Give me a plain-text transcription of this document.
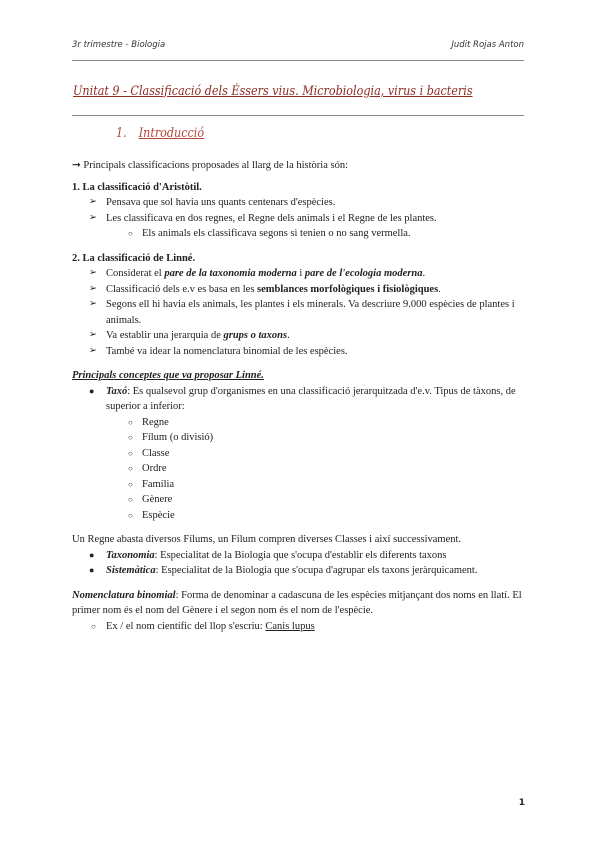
3r trimestre - Biologia	Judit Rojas Anton
Unitat 9 - Classificació dels Éssers vius. Microbiologia, virus i bacteris
1. Introducció

➞ Principals classificacions proposades al llarg de la història són:

1. La classificació d'Aristòtil.

➢ Pensava que sol havia uns quants centenars d'espècies.
➢ Les classificava en dos regnes, el Regne dels animals i el Regne de les plantes.
○ Els animals els classificava segons si tenien o no sang vermella.

2. La classificació de Linné.

➢ Considerat el pare de la taxonomia moderna i pare de l'ecologia moderna.
➢ Classificació dels e.v es basa en les semblances morfològiques i fisiològiques.
➢ Segons ell hi havia els animals, les plantes i els minerals. Va descriure 9.000 espècies de plantes i animals.
➢ Va establir una jerarquia de grups o taxons.
➢ També va idear la nomenclatura binomial de les espècies.

Principals conceptes que va proposar Linné.

● Taxó: Es qualsevol grup d'organismes en una classificació jerarquitzada d'e.v. Tipus de tàxons, de superior a inferior:
○ Regne
○ Fílum (o divisió)
○ Classe
○ Ordre
○ Família
○ Gènere
○ Espècie

Un Regne abasta diversos Fílums, un Fílum compren diverses Classes i així successivament.

● Taxonomia: Especialitat de la Biologia que s'ocupa d'establir els diferents taxons
● Sistemàtica: Especialitat de la Biologia que s'ocupa d'agrupar els taxons jeràrquicament.

Nomenclatura binomial: Forma de denominar a cadascuna de les espècies mitjançant dos noms en llatí. El primer nom és el nom del Gènere i el segon nom és el nom de l'espècie.

○ Ex / el nom científic del llop s'escriu: Canis lupus
1
